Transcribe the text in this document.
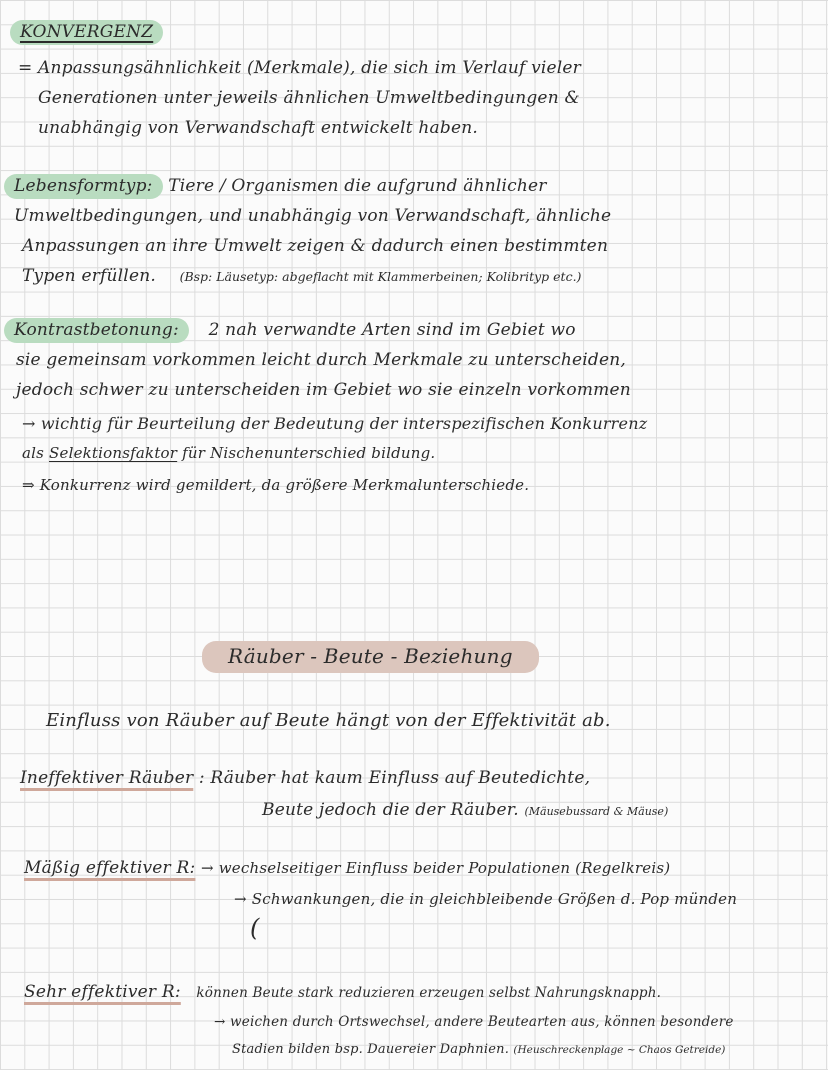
KONVERGENZ
= Anpassungsähnlichkeit (Merkmale), die sich im Verlauf vieler
Generationen unter jeweils ähnlichen Umweltbedingungen &
unabhängig von Verwandschaft entwickelt haben.
Lebensformtyp: Tiere / Organismen die aufgrund ähnlicher
Umweltbedingungen, und unabhängig von Verwandschaft, ähnliche
Anpassungen an ihre Umwelt zeigen & dadurch einen bestimmten
Typen erfüllen. (Bsp: Läusetyp: abgeflacht mit Klammerbeinen; Kolibrityp etc.)
Kontrastbetonung: 2 nah verwandte Arten sind im Gebiet wo
sie gemeinsam vorkommen leicht durch Merkmale zu unterscheiden,
jedoch schwer zu unterscheiden im Gebiet wo sie einzeln vorkommen
→ wichtig für Beurteilung der Bedeutung der interspezifischen Konkurrenz
als Selektionsfaktor für Nischenunterschied bildung.
⇒ Konkurrenz wird gemildert, da größere Merkmalunterschiede.
Räuber - Beute - Beziehung
Einfluss von Räuber auf Beute hängt von der Effektivität ab.
Ineffektiver Räuber : Räuber hat kaum Einfluss auf Beutedichte,
Beute jedoch die der Räuber. (Mäusebussard & Mäuse)
Mäßig effektiver R: → wechselseitiger Einfluss beider Populationen (Regelkreis)
→ Schwankungen, die in gleichbleibende Größen d. Pop münden
(
Sehr effektiver R: können Beute stark reduzieren erzeugen selbst Nahrungsknapph.
→ weichen durch Ortswechsel, andere Beutearten aus, können besondere
Stadien bilden bsp. Dauereier Daphnien. (Heuschreckenplage ~ Chaos Getreide)
